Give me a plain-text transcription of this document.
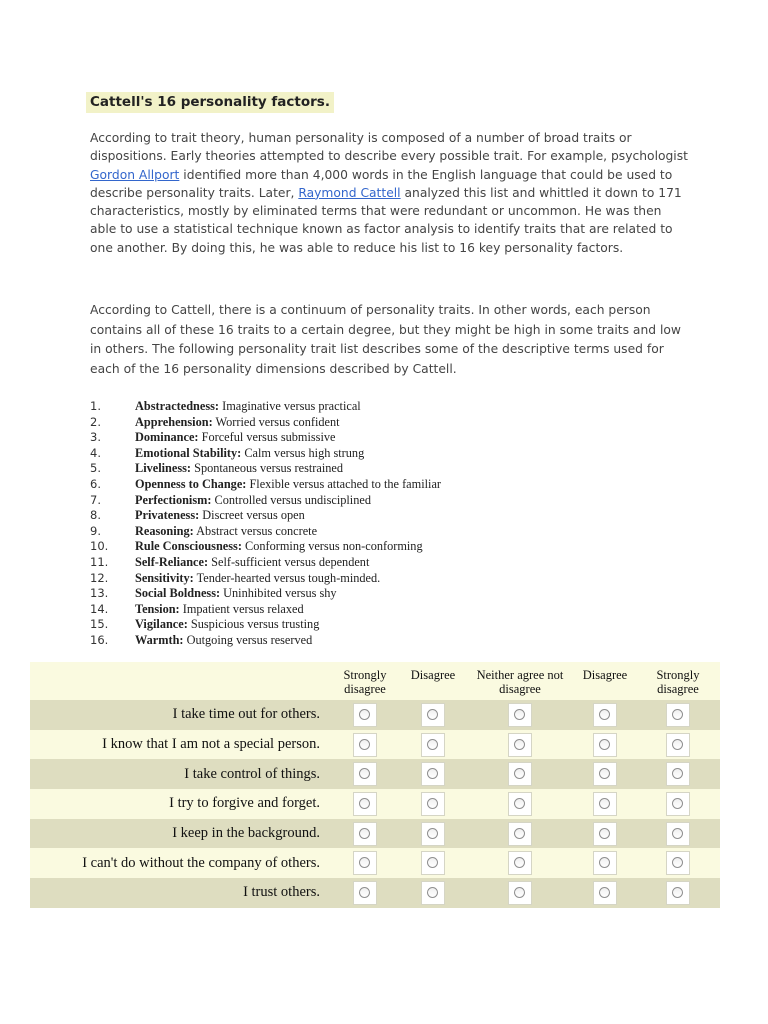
Cattell's 16 personality factors.
According to trait theory, human personality is composed of a number of broad traits or dispositions. Early theories attempted to describe every possible trait. For example, psychologist Gordon Allport identified more than 4,000 words in the English language that could be used to describe personality traits. Later, Raymond Cattell analyzed this list and whittled it down to 171 characteristics, mostly by eliminated terms that were redundant or uncommon. He was then able to use a statistical technique known as factor analysis to identify traits that are related to one another. By doing this, he was able to reduce his list to 16 key personality factors.
According to Cattell, there is a continuum of personality traits. In other words, each person contains all of these 16 traits to a certain degree, but they might be high in some traits and low in others. The following personality trait list describes some of the descriptive terms used for each of the 16 personality dimensions described by Cattell.
1.	Abstractedness: Imaginative versus practical
2.	Apprehension: Worried versus confident
3.	Dominance: Forceful versus submissive
4.	Emotional Stability: Calm versus high strung
5.	Liveliness: Spontaneous versus restrained
6.	Openness to Change: Flexible versus attached to the familiar
7.	Perfectionism: Controlled versus undisciplined
8.	Privateness: Discreet versus open
9.	Reasoning: Abstract versus concrete
10. Rule Consciousness: Conforming versus non-conforming
11. Self-Reliance: Self-sufficient versus dependent
12. Sensitivity: Tender-hearted versus tough-minded.
13. Social Boldness: Uninhibited versus shy
14. Tension: Impatient versus relaxed
15. Vigilance: Suspicious versus trusting
16. Warmth: Outgoing versus reserved
	Strongly disagree	Disagree	Neither agree not disagree	Disagree	Strongly disagree
I take time out for others.	

I know that I am not a special person.	

I take control of things.	

I try to forgive and forget.	

I keep in the background.	

I can't do without the company of others.	

I trust others.	
